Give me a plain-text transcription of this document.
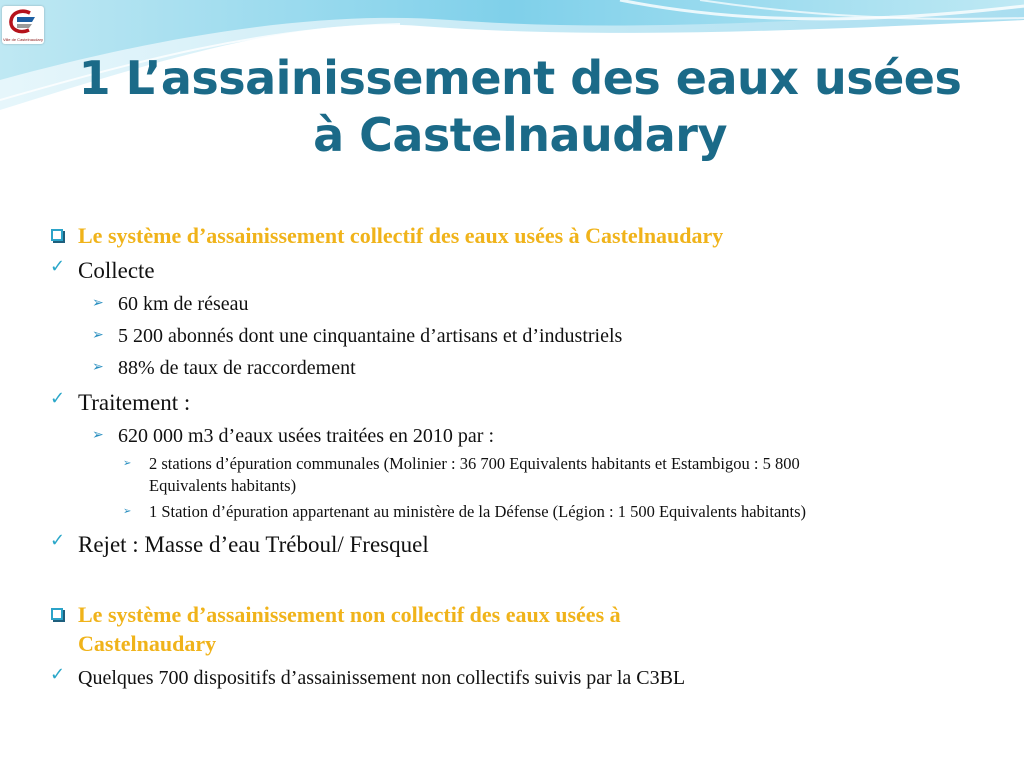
Ville de Castelnaudary
1 L’assainissement des eaux usées
à Castelnaudary
Le système d’assainissement collectif des eaux usées à Castelnaudary
✓ Collecte
➢ 60 km de réseau
➢ 5 200 abonnés dont une cinquantaine d’artisans et d’industriels
➢ 88% de taux de raccordement
✓ Traitement :
➢ 620 000 m3 d’eaux usées traitées en 2010 par :
➢ 2 stations d’épuration communales (Molinier : 36 700 Equivalents habitants et Estambigou : 5 800
Equivalents habitants)
➢ 1 Station d’épuration appartenant au ministère de la Défense (Légion : 1 500 Equivalents habitants)
✓ Rejet : Masse d’eau Tréboul/ Fresquel
Le système d’assainissement non collectif des eaux usées à
Castelnaudary
✓ Quelques 700 dispositifs d’assainissement non collectifs suivis par la C3BL
